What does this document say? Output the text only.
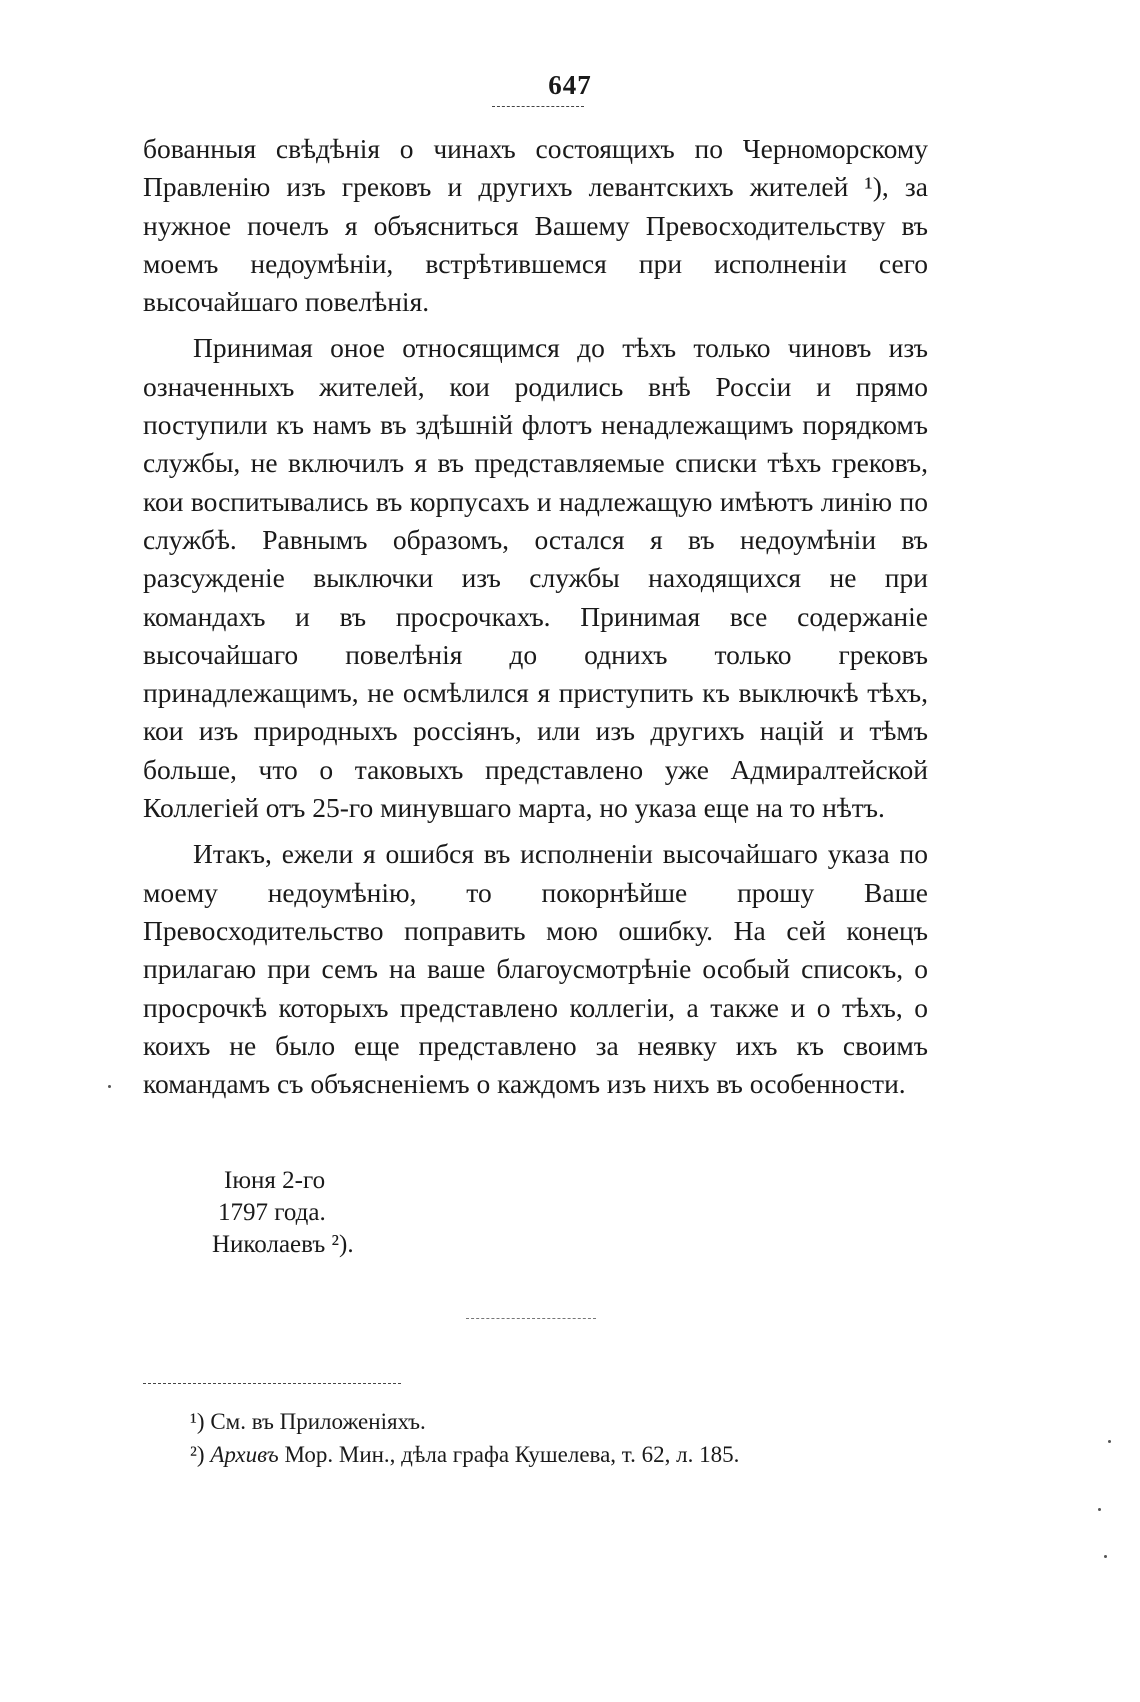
647

бованныя свѣдѣнія о чинахъ состоящихъ по Черноморскому Правленію изъ грековъ и другихъ левантскихъ жителей ¹), за нужное почелъ я объясниться Вашему Превосходительству въ моемъ недоумѣніи, встрѣтившемся при исполненіи сего высочайшаго повелѣнія.

Принимая оное относящимся до тѣхъ только чиновъ изъ означенныхъ жителей, кои родились внѣ Россіи и прямо поступили къ намъ въ здѣшній флотъ ненадлежащимъ порядкомъ службы, не включилъ я въ представляемые списки тѣхъ грековъ, кои воспитывались въ корпусахъ и надлежащую имѣютъ линію по службѣ. Равнымъ образомъ, остался я въ недоумѣніи въ разсужденіе выключки изъ службы находящихся не при командахъ и въ просрочкахъ. Принимая все содержаніе высочайшаго повелѣнія до однихъ только грековъ принадлежащимъ, не осмѣлился я приступить къ выключкѣ тѣхъ, кои изъ природныхъ россіянъ, или изъ другихъ націй и тѣмъ больше, что о таковыхъ представлено уже Адмиралтейской Коллегіей отъ 25-го минувшаго марта, но указа еще на то нѣтъ.

Итакъ, ежели я ошибся въ исполненіи высочайшаго указа по моему недоумѣнію, то покорнѣйше прошу Ваше Превосходительство поправить мою ошибку. На сей конецъ прилагаю при семъ на ваше благоусмотрѣніе особый списокъ, о просрочкѣ которыхъ представлено коллегіи, а также и о тѣхъ, о коихъ не было еще представлено за неявку ихъ къ своимъ командамъ съ объясненіемъ о каждомъ изъ нихъ въ особенности.

Іюня 2-го
1797 года.
Николаевъ ²).
¹) См. въ Приложеніяхъ.
²) Архивъ Мор. Мин., дѣла графа Кушелева, т. 62, л. 185.
